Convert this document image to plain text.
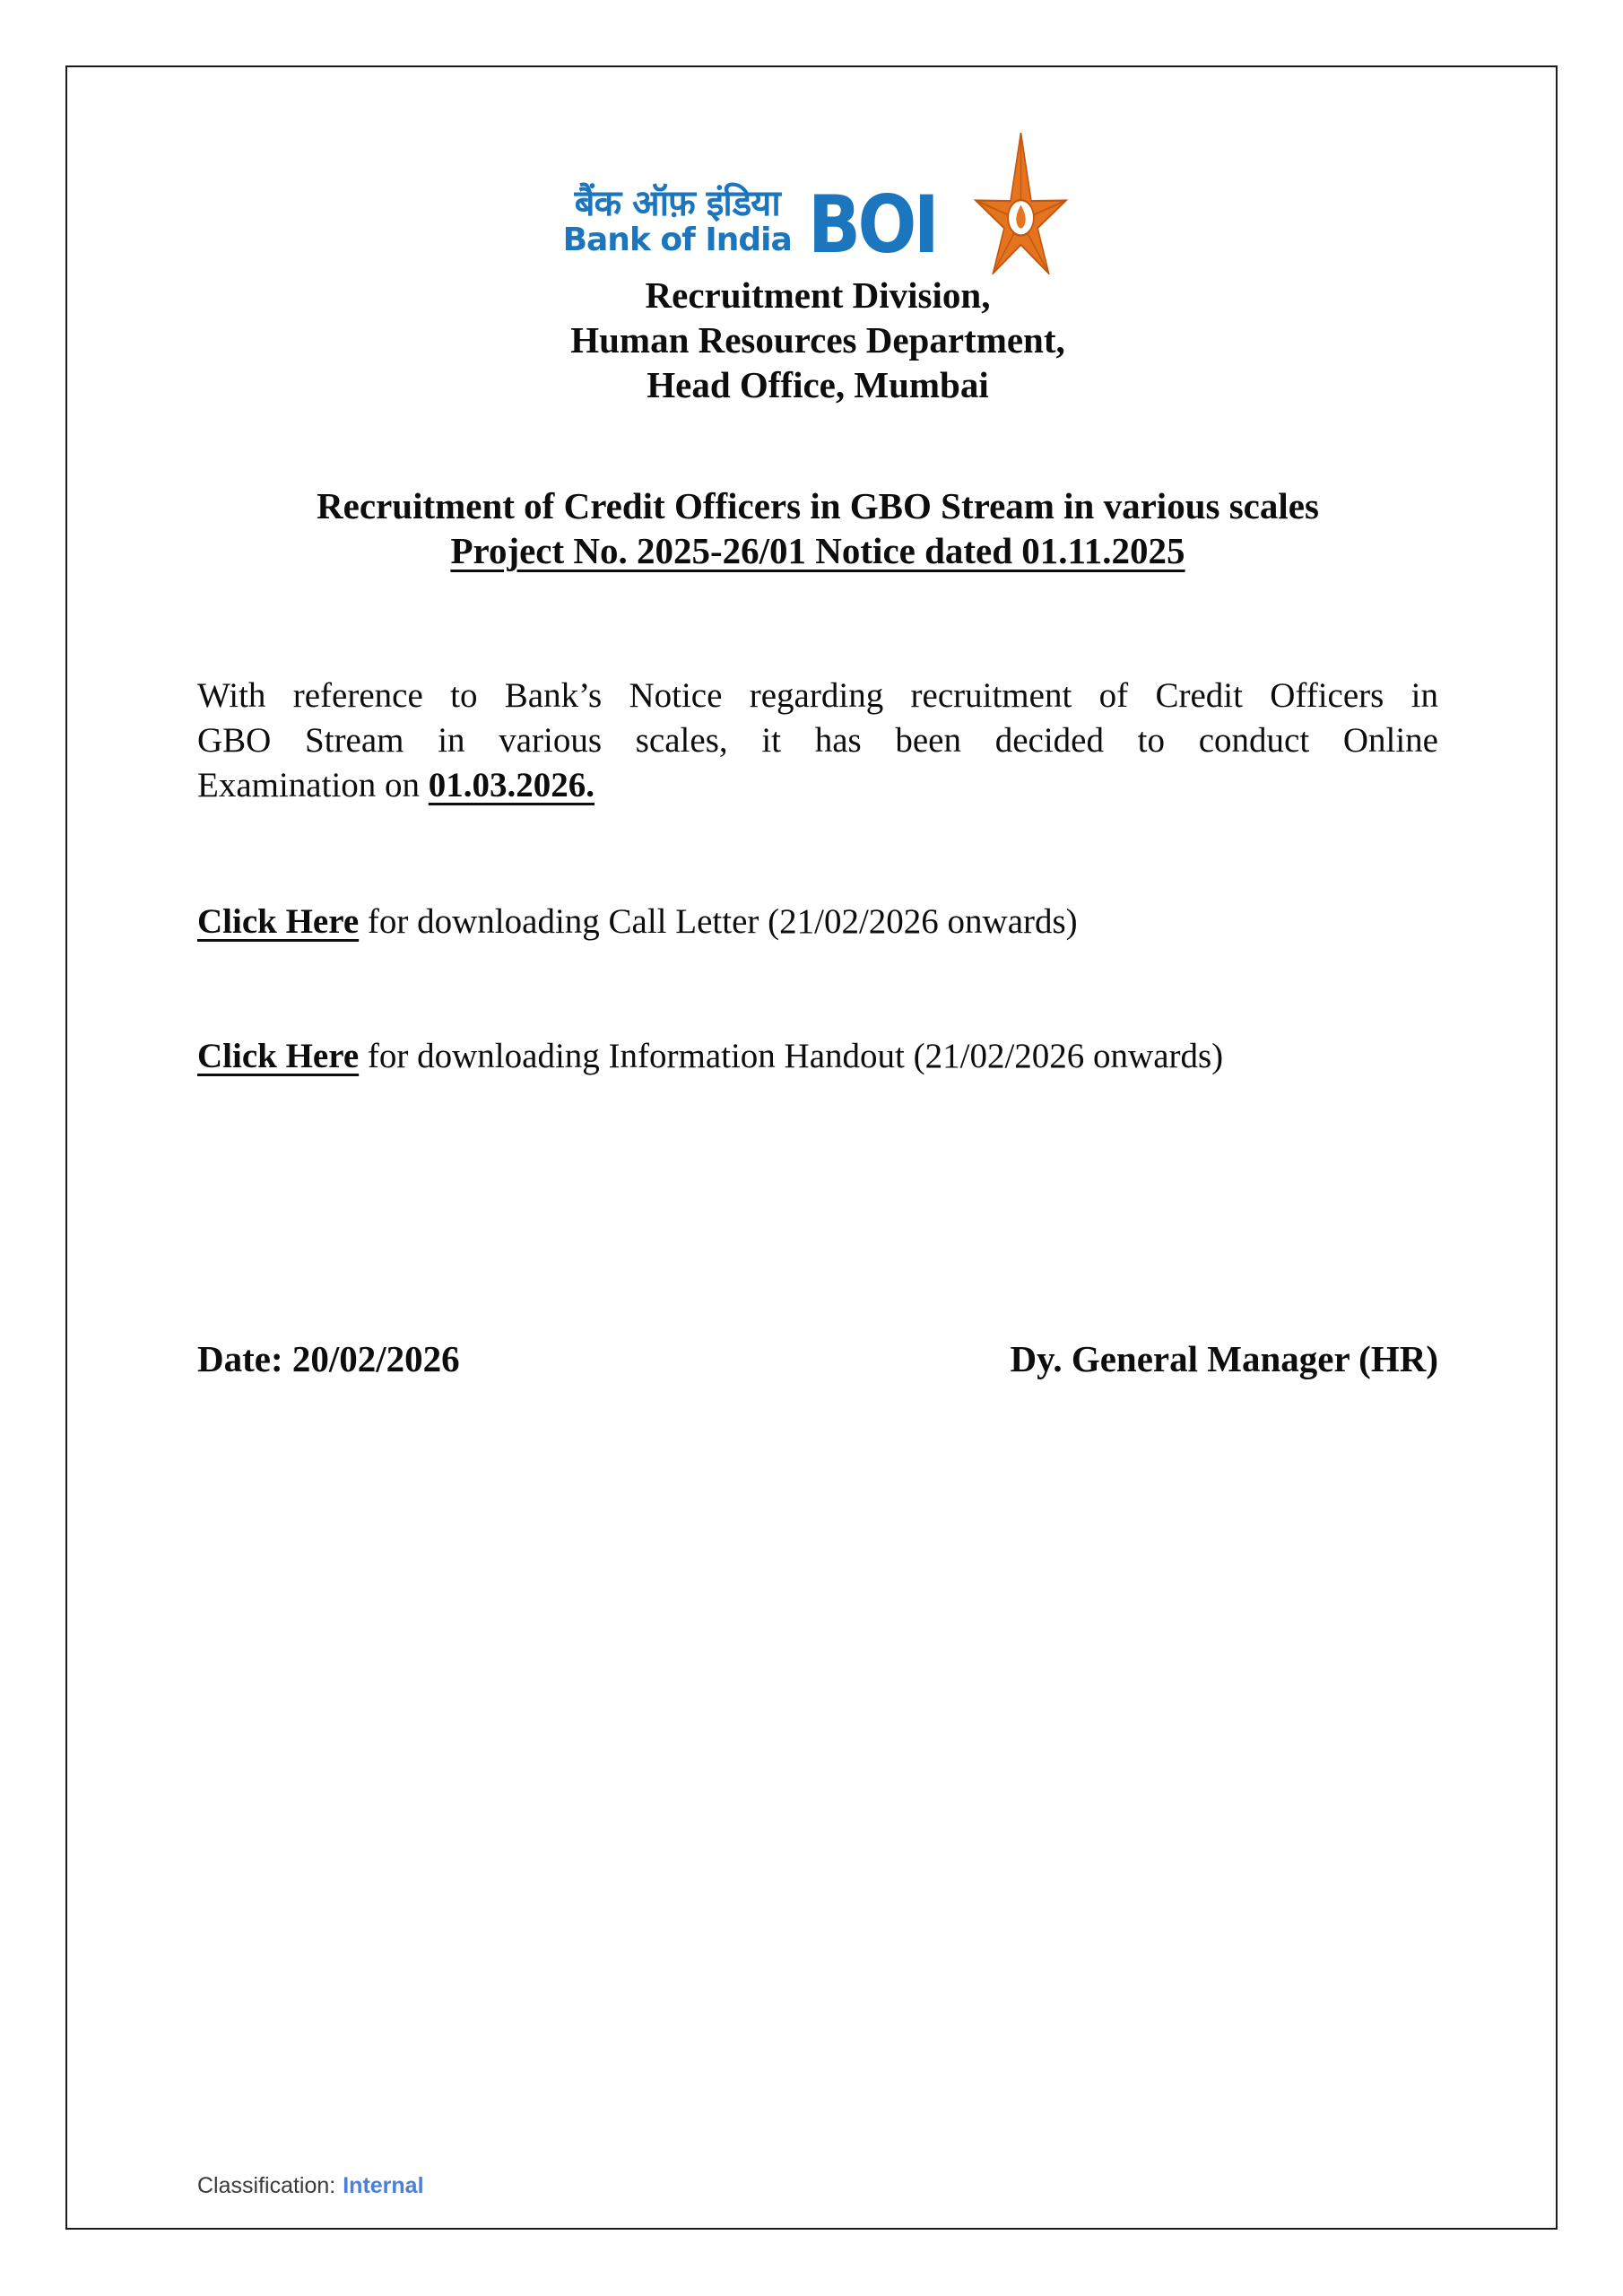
बैंक ऑफ़ इंडिया
Bank of India BOI
Recruitment Division,
Human Resources Department,
Head Office, Mumbai
Recruitment of Credit Officers in GBO Stream in various scales
Project No. 2025-26/01 Notice dated 01.11.2025
With reference to Bank’s Notice regarding recruitment of Credit Officers in
GBO Stream in various scales, it has been decided to conduct Online
Examination on 01.03.2026.
Click Here for downloading Call Letter (21/02/2026 onwards)
Click Here for downloading Information Handout (21/02/2026 onwards)
Date: 20/02/2026	Dy. General Manager (HR)
Classification: Internal
